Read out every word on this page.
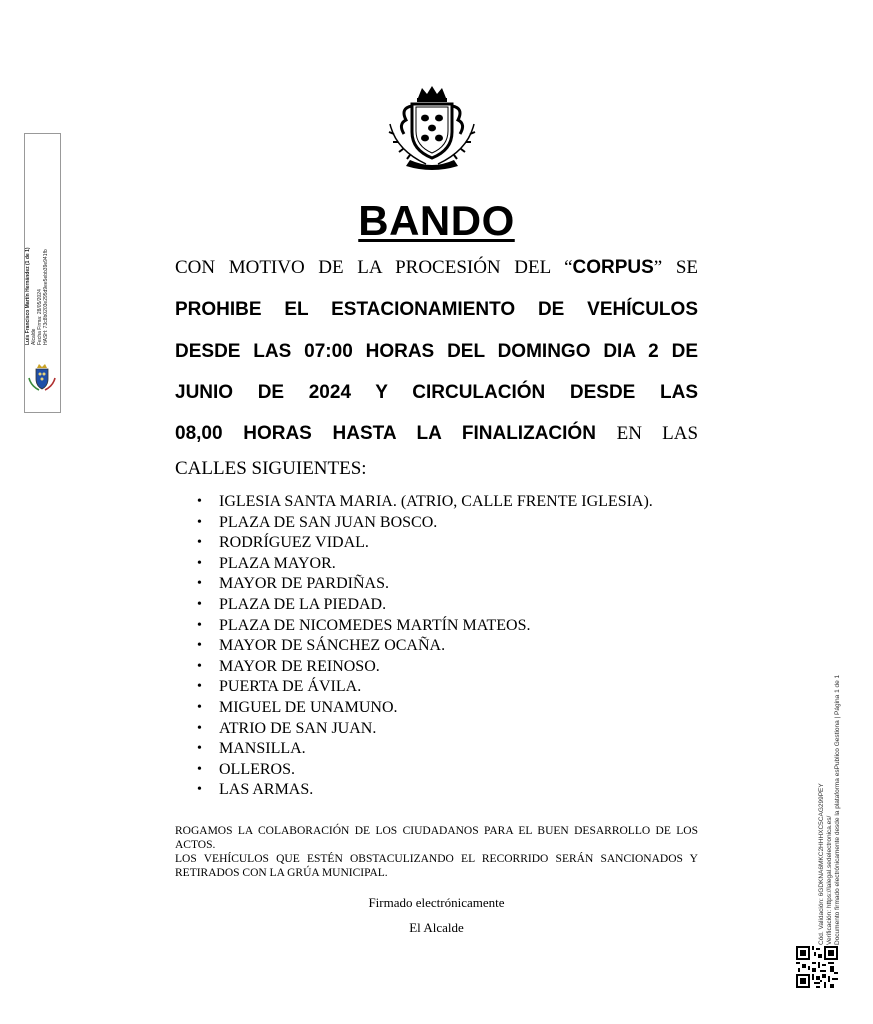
BANDO
CON MOTIVO DE LA PROCESIÓN DEL “CORPUS” SE
PROHIBE EL ESTACIONAMIENTO DE VEHÍCULOS
DESDE LAS 07:00 HORAS DEL DOMINGO DIA 2 DE
JUNIO DE 2024 Y CIRCULACIÓN DESDE LAS
08,00 HORAS HASTA LA FINALIZACIÓN EN LAS
CALLES SIGUIENTES:
• IGLESIA SANTA MARIA. (ATRIO, CALLE FRENTE IGLESIA).
• PLAZA DE SAN JUAN BOSCO.
• RODRÍGUEZ VIDAL.
• PLAZA MAYOR.
• MAYOR DE PARDIÑAS.
• PLAZA DE LA PIEDAD.
• PLAZA DE NICOMEDES MARTÍN MATEOS.
• MAYOR DE SÁNCHEZ OCAÑA.
• MAYOR DE REINOSO.
• PUERTA DE ÁVILA.
• MIGUEL DE UNAMUNO.
• ATRIO DE SAN JUAN.
• MANSILLA.
• OLLEROS.
• LAS ARMAS.
ROGAMOS LA COLABORACIÓN DE LOS CIUDADANOS PARA EL BUEN DESARROLLO DE LOS ACTOS.
LOS VEHÍCULOS QUE ESTÉN OBSTACULIZANDO EL RECORRIDO SERÁN SANCIONADOS Y RETIRADOS CON LA GRÚA MUNICIPAL.
Firmado electrónicamente
El Alcalde
Luis Francisco Martín Hernández (1 de 1) Alcalde Fecha Firma: 28/05/2024 HASH: 73c8b0203e295d9ee5ebb39e941fb
Cód. Validación: 6GDKNA6MKC2HHHXC5CAG299PEY Verificación: https://lalegal.sedelectronica.es/ Documento firmado electrónicamente desde la plataforma esPublico Gestiona | Página 1 de 1
